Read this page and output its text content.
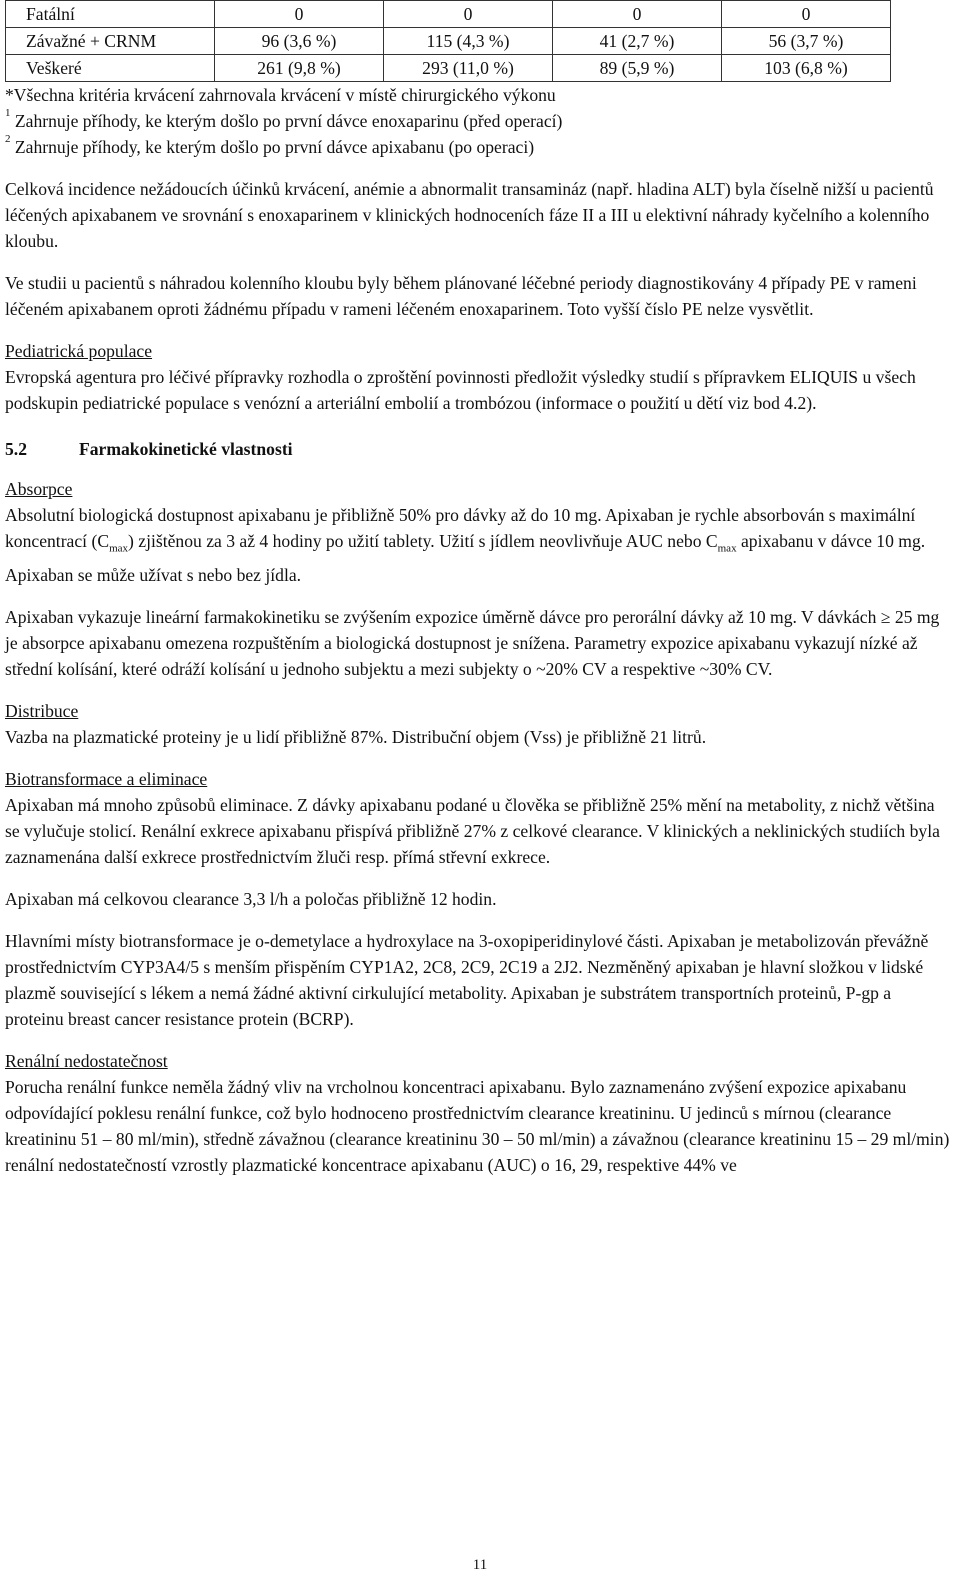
Fatální	0	0	0	0
Závažné + CRNM	96 (3,6 %)	115 (4,3 %)	41 (2,7 %)	56 (3,7 %)
Veškeré	261 (9,8 %)	293 (11,0 %)	89 (5,9 %)	103 (6,8 %)

*Všechna kritéria krvácení zahrnovala krvácení v místě chirurgického výkonu

$^1$ Zahrnuje příhody, ke kterým došlo po první dávce enoxaparinu (před operací)

$^2$ Zahrnuje příhody, ke kterým došlo po první dávce apixabanu (po operaci)

Celková incidence nežádoucích účinků krvácení, anémie a abnormalit transamináz (např. hladina ALT) byla číselně nižší u pacientů léčených apixabanem ve srovnání s enoxaparinem v klinických hodnoceních fáze II a III u elektivní náhrady kyčelního a kolenního kloubu.

Ve studii u pacientů s náhradou kolenního kloubu byly během plánované léčebné periody diagnostikovány 4 případy PE v rameni léčeném apixabanem oproti žádnému případu v rameni léčeném enoxaparinem. Toto vyšší číslo PE nelze vysvětlit.

Pediatrická populace

Evropská agentura pro léčivé přípravky rozhodla o zproštění povinnosti předložit výsledky studií s přípravkem ELIQUIS u všech podskupin pediatrické populace s venózní a arteriální embolií a trombózou (informace o použití u dětí viz bod 4.2).

5.2	Farmakokinetické vlastnosti

Absorpce

Absolutní biologická dostupnost apixabanu je přibližně 50% pro dávky až do 10 mg. Apixaban je rychle absorbován s maximální koncentrací $(C_{max})$ zjištěnou za 3 až 4 hodiny po užití tablety. Užití s jídlem neovlivňuje AUC nebo $C_{max}$ apixabanu v dávce 10 mg. Apixaban se může užívat s nebo bez jídla.

Apixaban vykazuje lineární farmakokinetiku se zvýšením expozice úměrně dávce pro perorální dávky až 10 mg. V dávkách ≥ 25 mg je absorpce apixabanu omezena rozpuštěním a biologická dostupnost je snížena. Parametry expozice apixabanu vykazují nízké až střední kolísání, které odráží kolísání u jednoho subjektu a mezi subjekty o ~20% CV a respektive ~30% CV.

Distribuce

Vazba na plazmatické proteiny je u lidí přibližně 87%. Distribuční objem (Vss) je přibližně 21 litrů.

Biotransformace a eliminace

Apixaban má mnoho způsobů eliminace. Z dávky apixabanu podané u člověka se přibližně 25% mění na metabolity, z nichž většina se vylučuje stolicí. Renální exkrece apixabanu přispívá přibližně 27% z celkové clearance. V klinických a neklinických studiích byla zaznamenána další exkrece prostřednictvím žluči resp. přímá střevní exkrece.

Apixaban má celkovou clearance 3,3 l/h a poločas přibližně 12 hodin.

Hlavními místy biotransformace je o-demetylace a hydroxylace na 3-oxopiperidinylové části. Apixaban je metabolizován převážně prostřednictvím CYP3A4/5 s menším přispěním CYP1A2, 2C8, 2C9, 2C19 a 2J2. Nezměněný apixaban je hlavní složkou v lidské plazmě související s lékem a nemá žádné aktivní cirkulující metabolity. Apixaban je substrátem transportních proteinů, P-gp a proteinu breast cancer resistance protein (BCRP).

Renální nedostatečnost

Porucha renální funkce neměla žádný vliv na vrcholnou koncentraci apixabanu. Bylo zaznamenáno zvýšení expozice apixabanu odpovídající poklesu renální funkce, což bylo hodnoceno prostřednictvím clearance kreatininu. U jedinců s mírnou (clearance kreatininu 51 – 80 ml/min), středně závažnou (clearance kreatininu 30 – 50 ml/min) a závažnou (clearance kreatininu 15 – 29 ml/min) renální nedostatečností vzrostly plazmatické koncentrace apixabanu (AUC) o 16, 29, respektive 44% ve

11
